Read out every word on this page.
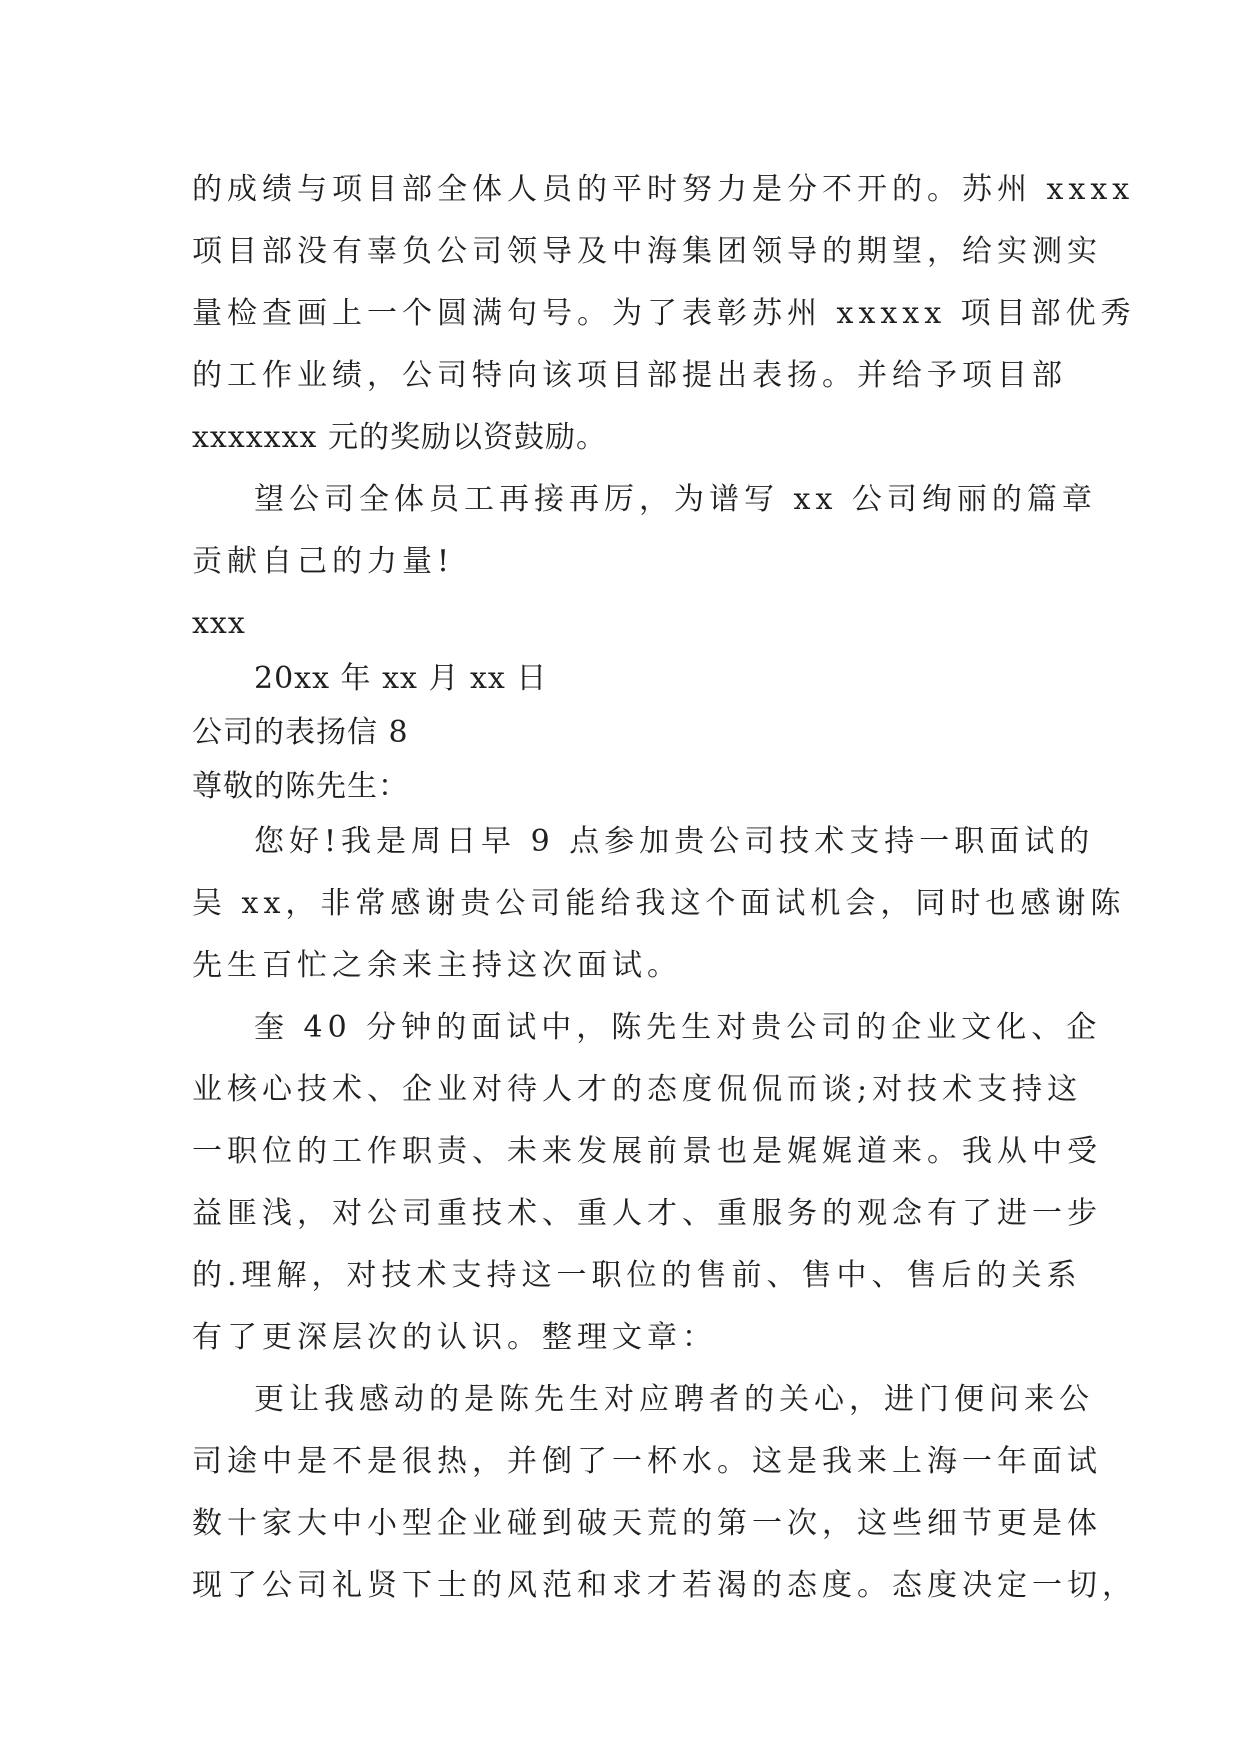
的成绩与项目部全体人员的平时努力是分不开的。苏州 xxxx
项目部没有辜负公司领导及中海集团领导的期望，给实测实
量检查画上一个圆满句号。为了表彰苏州 xxxxx 项目部优秀
的工作业绩，公司特向该项目部提出表扬。并给予项目部
xxxxxxx 元的奖励以资鼓励。
望公司全体员工再接再厉，为谱写 xx 公司绚丽的篇章
贡献自己的力量!
xxx
20xx 年 xx 月 xx 日
公司的表扬信 8
尊敬的陈先生：
您好!我是周日早 9 点参加贵公司技术支持一职面试的
吴 xx，非常感谢贵公司能给我这个面试机会，同时也感谢陈
先生百忙之余来主持这次面试。
奎 40 分钟的面试中，陈先生对贵公司的企业文化、企
业核心技术、企业对待人才的态度侃侃而谈;对技术支持这
一职位的工作职责、未来发展前景也是娓娓道来。我从中受
益匪浅，对公司重技术、重人才、重服务的观念有了进一步
的.理解，对技术支持这一职位的售前、售中、售后的关系
有了更深层次的认识。整理文章：
更让我感动的是陈先生对应聘者的关心，进门便问来公
司途中是不是很热，并倒了一杯水。这是我来上海一年面试
数十家大中小型企业碰到破天荒的第一次，这些细节更是体
现了公司礼贤下士的风范和求才若渴的态度。态度决定一切，
